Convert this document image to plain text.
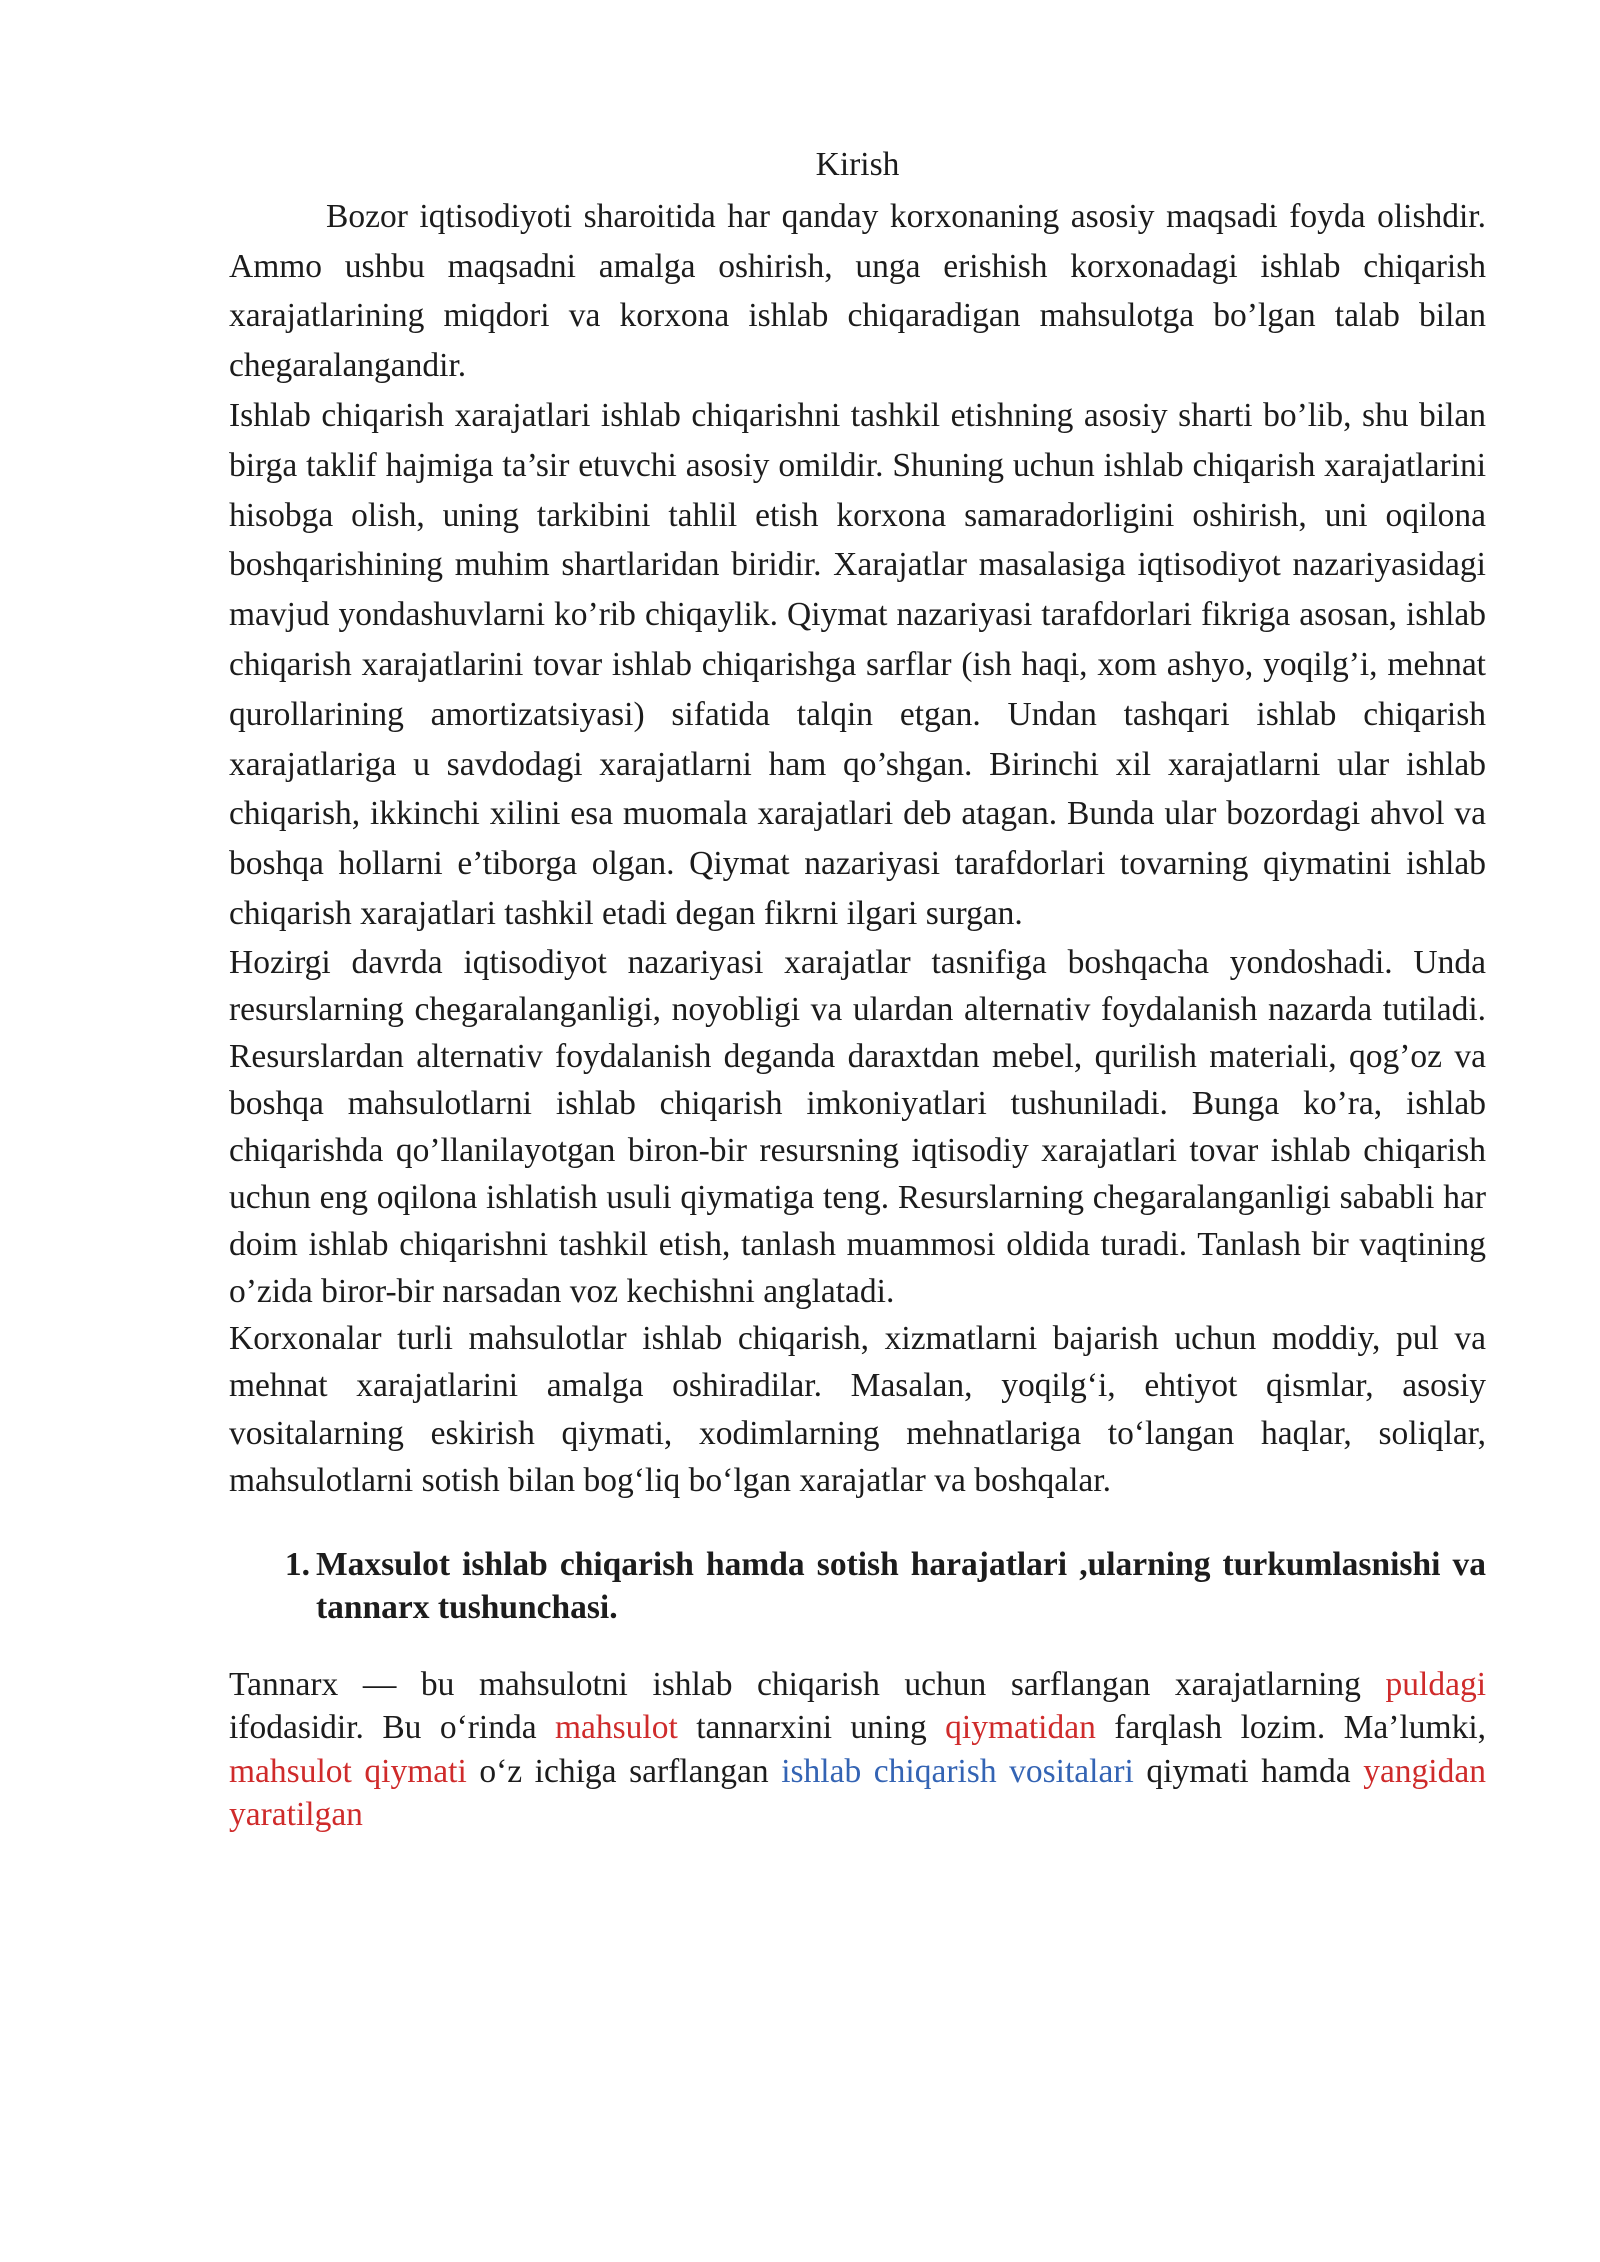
Kirish

Bozor iqtisodiyoti sharoitida har qanday korxonaning asosiy maqsadi foyda olishdir. Ammo ushbu maqsadni amalga oshirish, unga erishish korxonadagi ishlab chiqarish xarajatlarining miqdori va korxona ishlab chiqaradigan mahsulotga bo’lgan talab bilan chegaralangandir.

Ishlab chiqarish xarajatlari ishlab chiqarishni tashkil etishning asosiy sharti bo’lib, shu bilan birga taklif hajmiga ta’sir etuvchi asosiy omildir. Shuning uchun ishlab chiqarish xarajatlarini hisobga olish, uning tarkibini tahlil etish korxona samaradorligini oshirish, uni oqilona boshqarishining muhim shartlaridan biridir. Xarajatlar masalasiga iqtisodiyot nazariyasidagi mavjud yondashuvlarni ko’rib chiqaylik. Qiymat nazariyasi tarafdorlari fikriga asosan, ishlab chiqarish xarajatlarini tovar ishlab chiqarishga sarflar (ish haqi, xom ashyo, yoqilg’i, mehnat qurollarining amortizatsiyasi) sifatida talqin etgan. Undan tashqari ishlab chiqarish xarajatlariga u savdodagi xarajatlarni ham qo’shgan. Birinchi xil xarajatlarni ular ishlab chiqarish, ikkinchi xilini esa muomala xarajatlari deb atagan. Bunda ular bozordagi ahvol va boshqa hollarni e’tiborga olgan. Qiymat nazariyasi tarafdorlari tovarning qiymatini ishlab chiqarish xarajatlari tashkil etadi degan fikrni ilgari surgan.

Hozirgi davrda iqtisodiyot nazariyasi xarajatlar tasnifiga boshqacha yondoshadi. Unda resurslarning chegaralanganligi, noyobligi va ulardan alternativ foydalanish nazarda tutiladi. Resurslardan alternativ foydalanish deganda daraxtdan mebel, qurilish materiali, qog’oz va boshqa mahsulotlarni ishlab chiqarish imkoniyatlari tushuniladi. Bunga ko’ra, ishlab chiqarishda qo’llanilayotgan biron-bir resursning iqtisodiy xarajatlari tovar ishlab chiqarish uchun eng oqilona ishlatish usuli qiymatiga teng. Resurslarning chegaralanganligi sababli har doim ishlab chiqarishni tashkil etish, tanlash muammosi oldida turadi. Tanlash bir vaqtining o’zida biror-bir narsadan voz kechishni anglatadi.

Korxonalar turli mahsulotlar ishlab chiqarish, xizmatlarni bajarish uchun moddiy, pul va mehnat xarajatlarini amalga oshiradilar. Masalan, yoqilg‘i, ehtiyot qismlar, asosiy vositalarning eskirish qiymati, xodimlarning mehnatlariga to‘langan haqlar, soliqlar, mahsulotlarni sotish bilan bog‘liq bo‘lgan xarajatlar va boshqalar.

1. Maxsulot ishlab chiqarish hamda sotish harajatlari ,ularning turkumlasnishi va tannarx tushunchasi.

Tannarx — bu mahsulotni ishlab chiqarish uchun sarflangan xarajatlarning puldagi ifodasidir. Bu o‘rinda mahsulot tannarxini uning qiymatidan farqlash lozim. Ma’lumki, mahsulot qiymati o‘z ichiga sarflangan ishlab chiqarish vositalari qiymati hamda yangidan yaratilgan
